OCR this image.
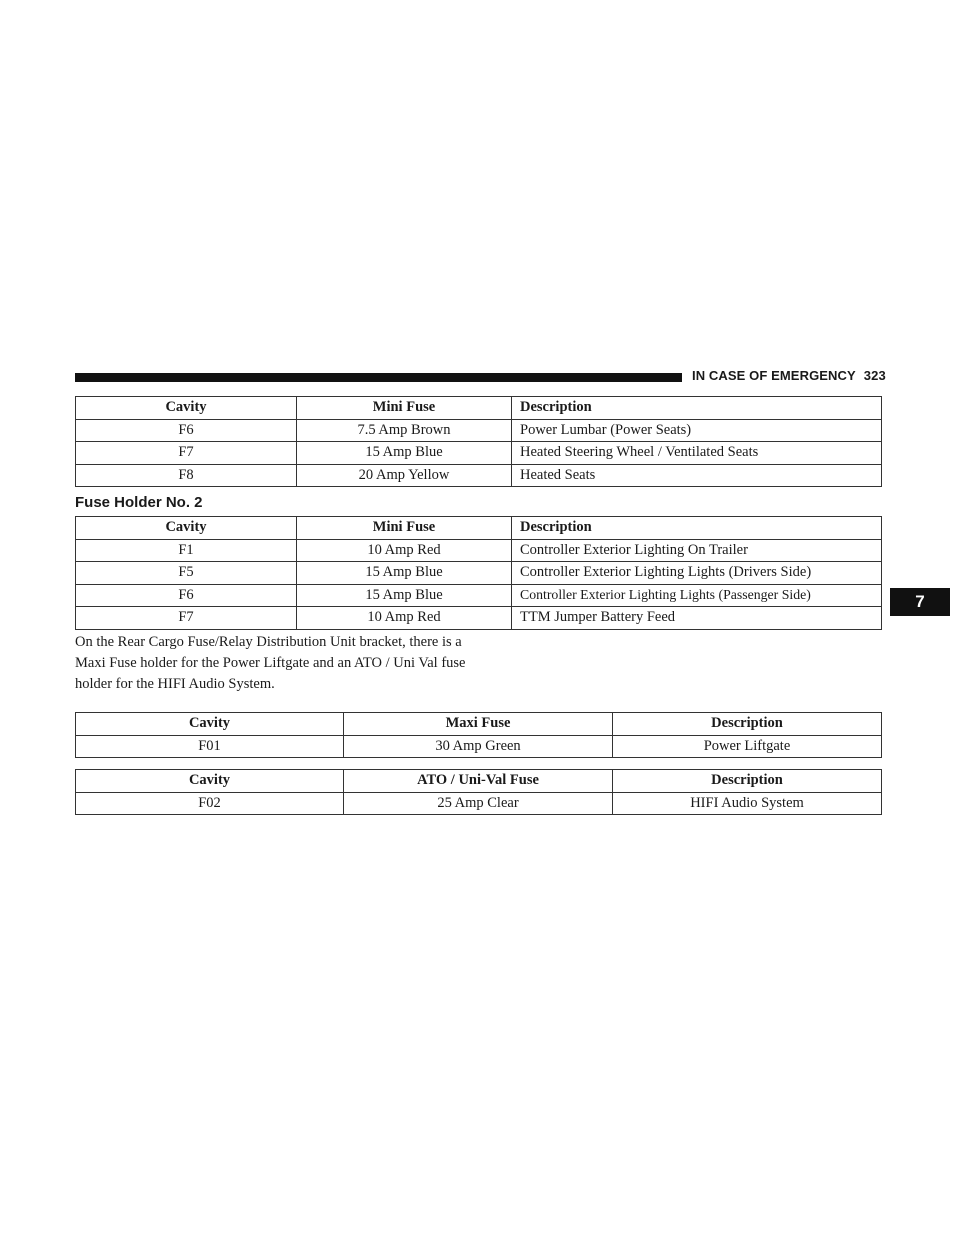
IN CASE OF EMERGENCY 323
7
Cavity	Mini Fuse	Description
F6	7.5 Amp Brown	Power Lumbar (Power Seats)
F7	15 Amp Blue	Heated Steering Wheel / Ventilated Seats
F8	20 Amp Yellow	Heated Seats
Fuse Holder No. 2
Cavity	Mini Fuse	Description
F1	10 Amp Red	Controller Exterior Lighting On Trailer
F5	15 Amp Blue	Controller Exterior Lighting Lights (Drivers Side)
F6	15 Amp Blue	Controller Exterior Lighting Lights (Passenger Side)
F7	10 Amp Red	TTM Jumper Battery Feed

On the Rear Cargo Fuse/Relay Distribution Unit bracket, there is a Maxi Fuse holder for the Power Liftgate and an ATO / Uni Val fuse holder for the HIFI Audio System.

Cavity	Maxi Fuse	Description
F01	30 Amp Green	Power Liftgate
Cavity	ATO / Uni-Val Fuse	Description
F02	25 Amp Clear	HIFI Audio System
